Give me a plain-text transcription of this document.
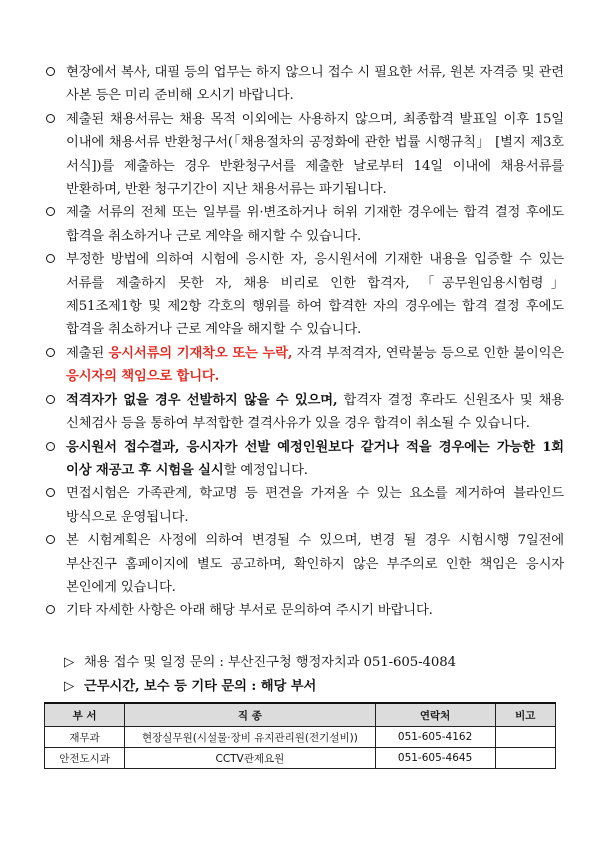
현장에서 복사, 대필 등의 업무는 하지 않으니 접수 시 필요한 서류, 원본 자격증 및 관련 사본 등은 미리 준비해 오시기 바랍니다.
제출된 채용서류는 채용 목적 이외에는 사용하지 않으며, 최종합격 발표일 이후 15일 이내에 채용서류 반환청구서(「채용절차의 공정화에 관한 법률 시행규칙」 [별지 제3호 서식])를 제출하는 경우 반환청구서를 제출한 날로부터 14일 이내에 채용서류를 반환하며, 반환 청구기간이 지난 채용서류는 파기됩니다.
제출 서류의 전체 또는 일부를 위·변조하거나 허위 기재한 경우에는 합격 결정 후에도 합격을 취소하거나 근로 계약을 해지할 수 있습니다.
부정한 방법에 의하여 시험에 응시한 자, 응시원서에 기재한 내용을 입증할 수 있는 서류를 제출하지 못한 자, 채용 비리로 인한 합격자, 「공무원임용시험령」 제51조제1항 및 제2항 각호의 행위를 하여 합격한 자의 경우에는 합격 결정 후에도 합격을 취소하거나 근로 계약을 해지할 수 있습니다.
제출된 응시서류의 기재착오 또는 누락, 자격 부적격자, 연락불능 등으로 인한 불이익은 응시자의 책임으로 합니다.
적격자가 없을 경우 선발하지 않을 수 있으며, 합격자 결정 후라도 신원조사 및 채용 신체검사 등을 통하여 부적합한 결격사유가 있을 경우 합격이 취소될 수 있습니다.
응시원서 접수결과, 응시자가 선발 예정인원보다 같거나 적을 경우에는 가능한 1회 이상 재공고 후 시험을 실시할 예정입니다.
면접시험은 가족관계, 학교명 등 편견을 가져올 수 있는 요소를 제거하여 블라인드 방식으로 운영됩니다.
본 시험계획은 사정에 의하여 변경될 수 있으며, 변경 될 경우 시험시행 7일전에 부산진구 홈페이지에 별도 공고하며, 확인하지 않은 부주의로 인한 책임은 응시자 본인에게 있습니다.
기타 자세한 사항은 아래 해당 부서로 문의하여 주시기 바랍니다.
▷ 채용 접수 및 일정 문의 : 부산진구청 행정자치과 051-605-4084
▷ 근무시간, 보수 등 기타 문의 : 해당 부서
부 서	직 종	연락처	비고
재무과	현장실무원(시설물·장비 유지관리원(전기설비))	051-605-4162	
안전도시과	CCTV관제요원	051-605-4645	
